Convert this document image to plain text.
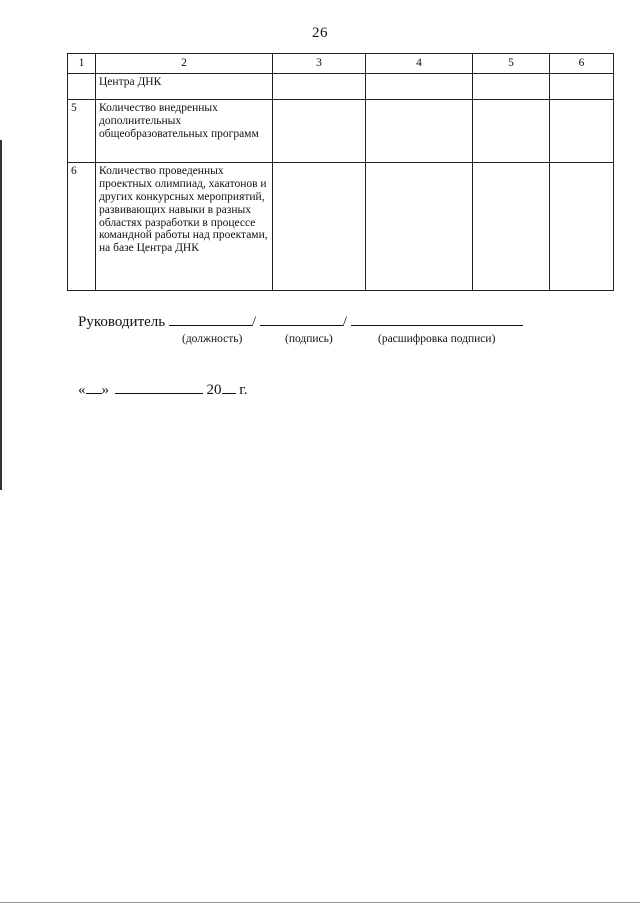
26
1	2	3	4	5	6
	Центра ДНК				
5	Количество внедренных дополнительных общеобразовательных программ				
6	Количество проведенных проектных олимпиад, хакатонов и других конкурсных мероприятий, развивающих навыки в разных областях разработки в процессе командной работы над проектами, на базе Центра ДНК				
Руководитель	/	/
(должность)	(подпись)	(расшифровка подписи)
« »	20 г.
